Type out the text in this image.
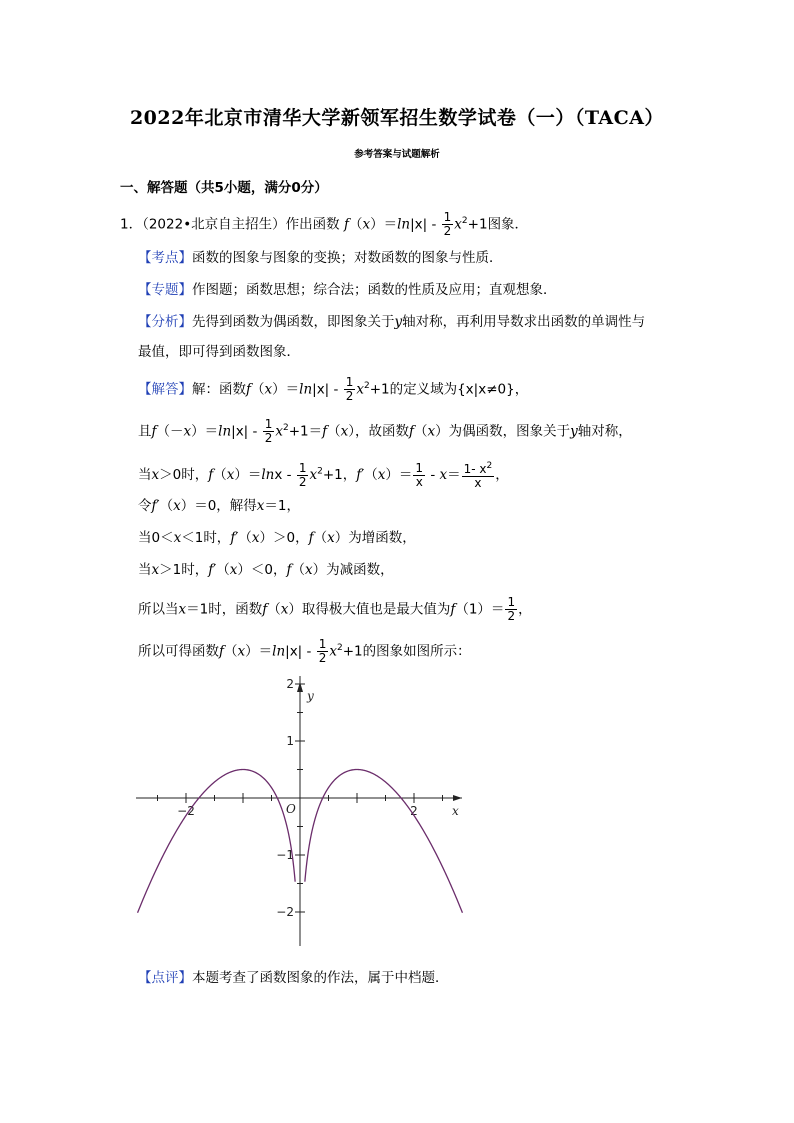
2022年北京市清华大学新领军招生数学试卷（一）（TACA）
参考答案与试题解析
一、解答题（共5小题，满分0分）
1．（2022•北京自主招生）作出函数 $f(x)=\ln|x| - \frac{1}{2} x^2+1$图象．
【考点】函数的图象与图象的变换；对数函数的图象与性质．
【专题】作图题；函数思想；综合法；函数的性质及应用；直观想象．
【分析】先得到函数为偶函数，即图象关于y轴对称，再利用导数求出函数的单调性与
最值，即可得到函数图象．
【解答】解：函数$f(x)=\ln|x| - \frac{1}{2} x^2+1$的定义域为{x|x≠0}，
且$f(-x)=\ln|x| - \frac{1}{2} x^2+1=f(x)$，故函数f（x）为偶函数，图象关于y轴对称，
当x＞0时，$f(x)=\ln x - \frac{1}{2} x^2+1$，$f'(x)= \frac{1}{x} - x= \frac{1- x^2}{x}$ ，
令f′（x）＝0，解得x＝1，
当0＜x＜1时，f′（x）＞0，f（x）为增函数，
当x＞1时，f′（x）＜0，f（x）为减函数，
所以当x＝1时，函数f（x）取得极大值也是最大值为$f(1)= \frac{1}{2}$ ，
所以可得函数$f(x)=\ln|x| - \frac{1}{2} x^2+1$的图象如图所示：
−2	2
2
1
−1
−2
x
y
O
【点评】本题考查了函数图象的作法，属于中档题．
